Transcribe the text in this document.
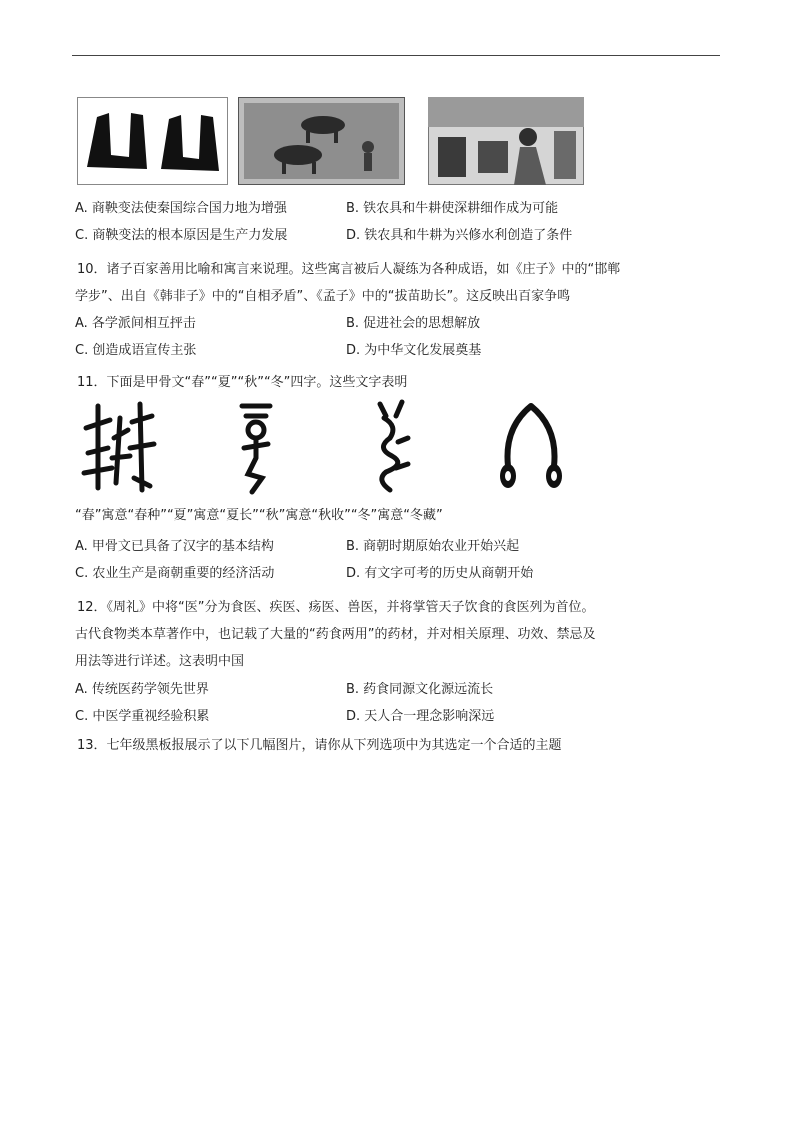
A. 商鞅变法使秦国综合国力地为增强	B. 铁农具和牛耕使深耕细作成为可能
C. 商鞅变法的根本原因是生产力发展	D. 铁农具和牛耕为兴修水利创造了条件
10．诸子百家善用比喻和寓言来说理。这些寓言被后人凝练为各种成语，如《庄子》中的“邯郸
学步”、出自《韩非子》中的“自相矛盾”、《孟子》中的“拔苗助长”。这反映出百家争鸣
A. 各学派间相互抨击	B. 促进社会的思想解放
C. 创造成语宣传主张	D. 为中华文化发展奠基
11．下面是甲骨文“春”“夏”“秋”“冬”四字。这些文字表明
“春”寓意“春种”“夏”寓意“夏长”“秋”寓意“秋收”“冬”寓意“冬藏”
A. 甲骨文已具备了汉字的基本结构	B. 商朝时期原始农业开始兴起
C. 农业生产是商朝重要的经济活动	D. 有文字可考的历史从商朝开始
12．《周礼》中将“医”分为食医、疾医、疡医、兽医，并将掌管天子饮食的食医列为首位。
古代食物类本草著作中，也记载了大量的“药食两用”的药材，并对相关原理、功效、禁忌及
用法等进行详述。这表明中国
A. 传统医药学领先世界	B. 药食同源文化源远流长
C. 中医学重视经验积累	D. 天人合一理念影响深远
13．七年级黑板报展示了以下几幅图片，请你从下列选项中为其选定一个合适的主题
